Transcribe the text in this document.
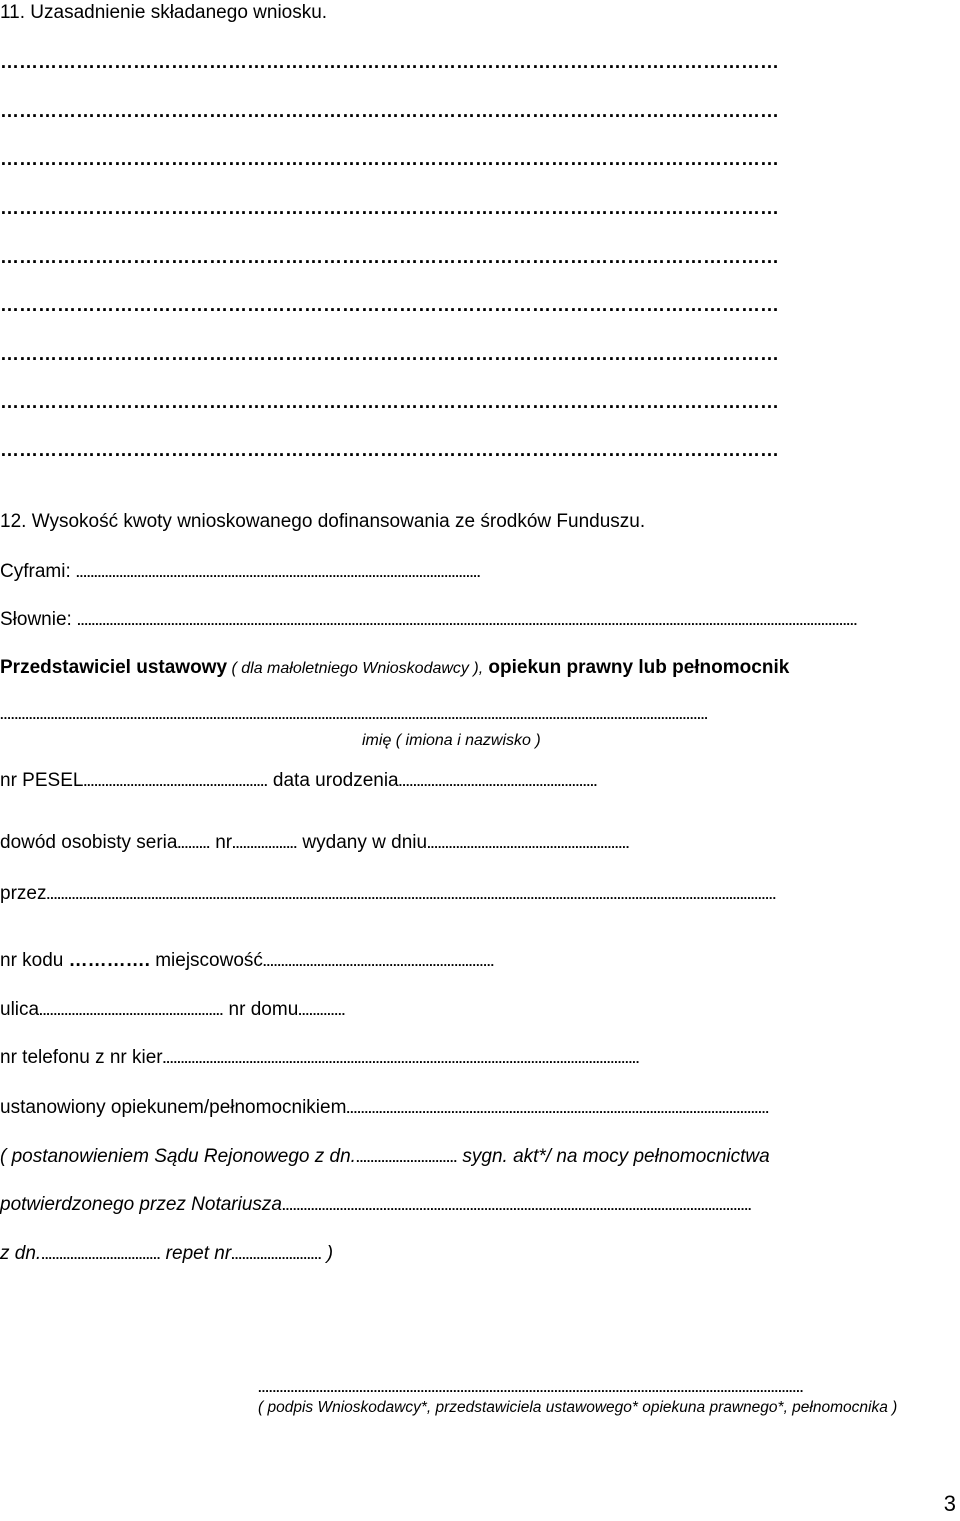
11. Uzasadnienie składanego wniosku.
……………………………………………………………………………………………………………
……………………………………………………………………………………………………………
……………………………………………………………………………………………………………
……………………………………………………………………………………………………………
……………………………………………………………………………………………………………
……………………………………………………………………………………………………………
……………………………………………………………………………………………………………
……………………………………………………………………………………………………………
……………………………………………………………………………………………………………
12. Wysokość kwoty wnioskowanego dofinansowania ze środków Funduszu.
Cyframi: ................................................................................................................
Słownie: ........................................................................................................................................................................................................................
Przedstawiciel ustawowy ( dla małoletniego Wnioskodawcy ), opiekun prawny lub pełnomocnik
....................................................................................................................................................................................................
imię ( imiona i nazwisko )
nr PESEL................................................... data urodzenia.......................................................
dowód osobisty seria......... nr.................. wydany w dniu........................................................
przez..........................................................................................................................................................................................................
nr kodu …………. miejscowość................................................................
ulica................................................... nr domu.............
nr telefonu z nr kier....................................................................................................................................
ustanowiony opiekunem/pełnomocnikiem.....................................................................................................................
( postanowieniem Sądu Rejonowego z dn............................. sygn. akt*/ na mocy pełnomocnictwa
potwierdzonego przez Notariusza..................................................................................................................................
z dn.................................. repet nr......................... )
.......................................................................................................................................................
( podpis Wnioskodawcy*, przedstawiciela ustawowego* opiekuna prawnego*, pełnomocnika )
3
